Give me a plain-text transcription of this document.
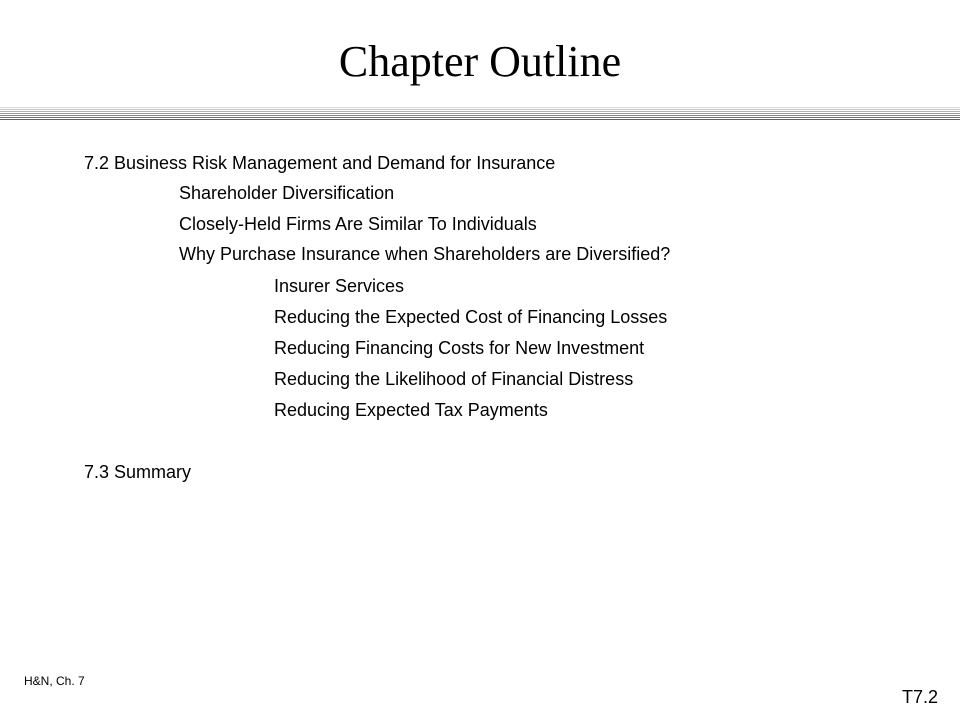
Chapter Outline
7.2 Business Risk Management and Demand for Insurance
Shareholder Diversification
Closely-Held Firms Are Similar To Individuals
Why Purchase Insurance when Shareholders are Diversified?
Insurer Services
Reducing the Expected Cost of Financing Losses
Reducing Financing Costs for New Investment
Reducing the Likelihood of Financial Distress
Reducing Expected Tax Payments
7.3 Summary
H&N, Ch. 7
T7.2
